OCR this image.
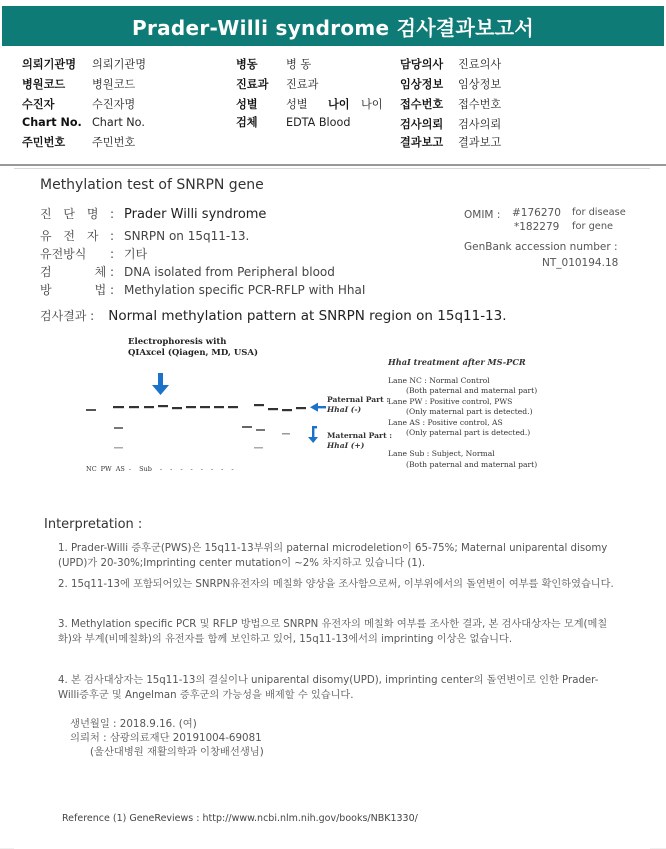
Prader-Willi syndrome 검사결과보고서
의뢰기관명 의뢰기관명
병원코드 병원코드
수진자	수진자명
Chart No. Chart No.
주민번호 주민번호
병동	병 동
진료과 진료과
성별	성별 나이 나이
검체	EDTA Blood
담당의사 진료의사
임상정보 임상정보
접수번호 접수번호
검사의뢰 검사의뢰
결과보고 결과보고
Methylation test of SNRPN gene
진 단 명 : Prader Willi syndrome
유 전 자 : SNRPN on 15q11-13.
유전방식 : 기타
검     체: DNA isolated from Peripheral blood
방     법: Methylation specific PCR-RFLP with HhaI
OMIM : #176270 for disease
*182279 for gene
GenBank accession number :
NT_010194.18
검사결과 : Normal methylation pattern at SNRPN region on 15q11-13.
Electrophoresis with
QIAxcel (Qiagen, MD, USA)
Paternal Part :
HhaI (-)
Maternal Part :
HhaI (+)
NC PW AS - Sub - - - - - - - -
HhaI treatment after MS-PCR
Lane NC : Normal Control
(Both paternal and maternal part)
Lane PW : Positive control, PWS
(Only maternal part is detected.)
Lane AS : Positive control, AS
(Only paternal part is detected.)

Lane Sub : Subject, Normal
(Both paternal and maternal part)
Interpretation :
1. Prader-Willi 증후군(PWS)은 15q11-13부위의 paternal microdeletion이 65-75%; Maternal uniparental disomy (UPD)가 20-30%;Imprinting center mutation이 ~2% 차지하고 있습니다 (1).
2. 15q11-13에 포함되어있는 SNRPN유전자의 메칠화 양상을 조사함으로써, 이부위에서의 돌연변이 여부를 확인하였습니다.
3. Methylation specific PCR 및 RFLP 방법으로 SNRPN 유전자의 메칠화 여부를 조사한 결과, 본 검사대상자는 모계(메칠화)와 부계(비메칠화)의 유전자를 함께 보인하고 있어, 15q11-13에서의 imprinting 이상은 없습니다.
4. 본 검사대상자는 15q11-13의 결실이나 uniparental disomy(UPD), imprinting center의 돌연변이로 인한 Prader-Willi증후군 및 Angelman 증후군의 가능성을 배제할 수 있습니다.
생년월일 : 2018.9.16. (여)
의뢰처 : 삼광의료재단 20191004-69081
(울산대병원 재활의학과 이창배선생님)
Reference (1) GeneReviews : http://www.ncbi.nlm.nih.gov/books/NBK1330/
